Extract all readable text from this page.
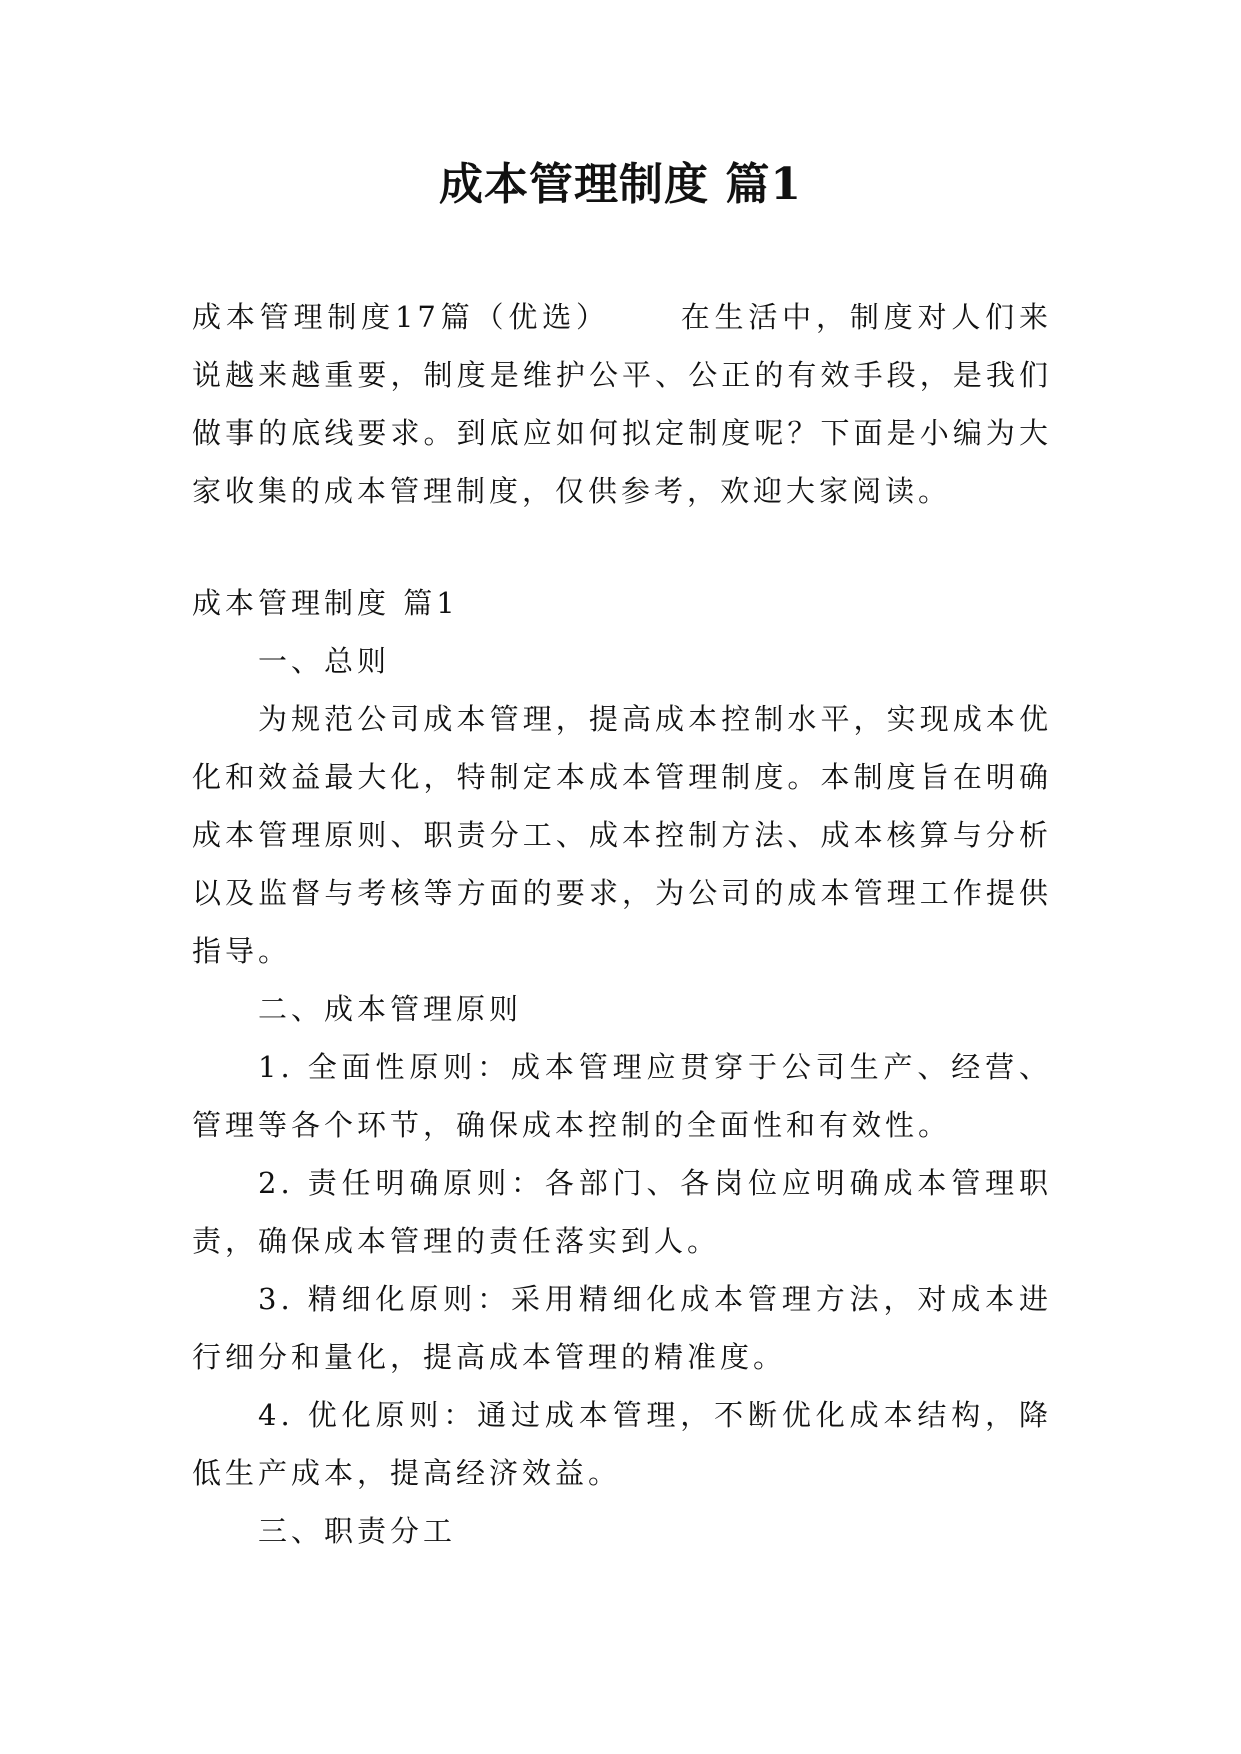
成本管理制度 篇1

成本管理制度17篇（优选） 在生活中，制度对人们来说越来越重要，制度是维护公平、公正的有效手段，是我们做事的底线要求。到底应如何拟定制度呢？下面是小编为大家收集的成本管理制度，仅供参考，欢迎大家阅读。

成本管理制度 篇1

一、总则

为规范公司成本管理，提高成本控制水平，实现成本优化和效益最大化，特制定本成本管理制度。本制度旨在明确成本管理原则、职责分工、成本控制方法、成本核算与分析以及监督与考核等方面的要求，为公司的成本管理工作提供指导。

二、成本管理原则

1. 全面性原则：成本管理应贯穿于公司生产、经营、管理等各个环节，确保成本控制的全面性和有效性。

2. 责任明确原则：各部门、各岗位应明确成本管理职责，确保成本管理的责任落实到人。

3. 精细化原则：采用精细化成本管理方法，对成本进行细分和量化，提高成本管理的精准度。

4. 优化原则：通过成本管理，不断优化成本结构，降低生产成本，提高经济效益。

三、职责分工
